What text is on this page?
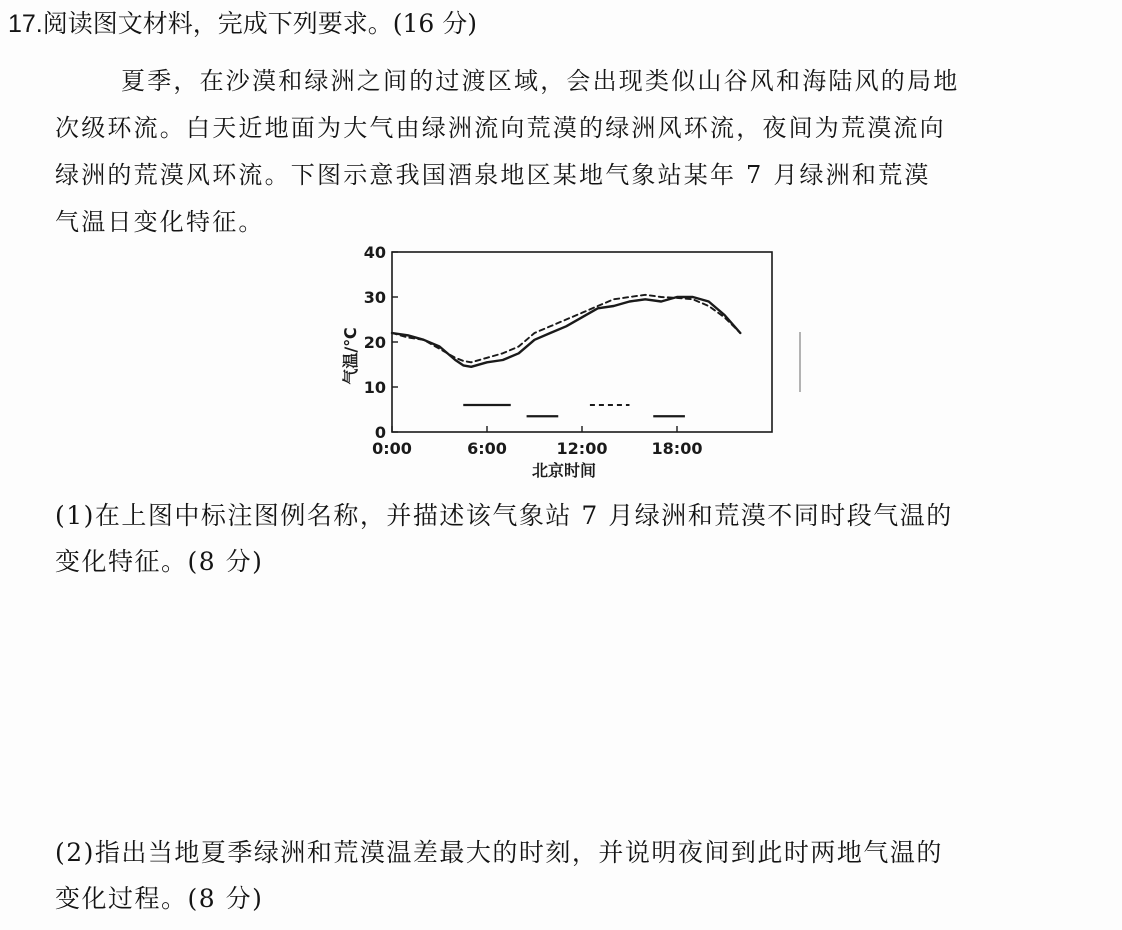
17.阅读图文材料，完成下列要求。(16 分)

夏季，在沙漠和绿洲之间的过渡区域，会出现类似山谷风和海陆风的局地

次级环流。白天近地面为大气由绿洲流向荒漠的绿洲风环流，夜间为荒漠流向

绿洲的荒漠风环流。下图示意我国酒泉地区某地气象站某年 7 月绿洲和荒漠

气温日变化特征。

0
10
20
30
40
0:00	6:00	12:00	18:00
北京时间
气温/℃

(1)在上图中标注图例名称，并描述该气象站 7 月绿洲和荒漠不同时段气温的

变化特征。(8 分)

(2)指出当地夏季绿洲和荒漠温差最大的时刻，并说明夜间到此时两地气温的

变化过程。(8 分)
